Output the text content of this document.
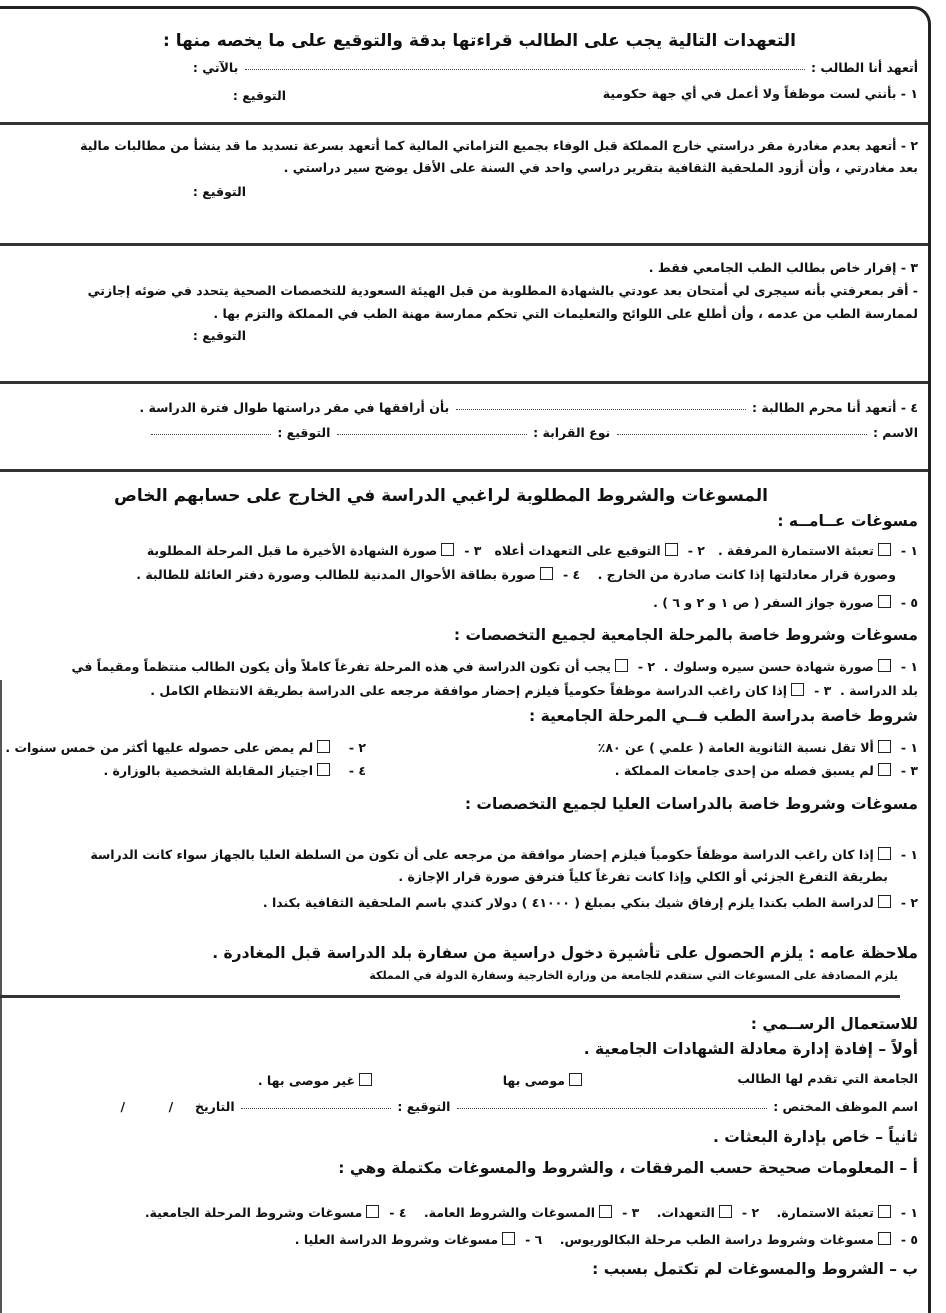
التعهدات التالية يجب على الطالب قراءتها بدقة والتوقيع على ما يخصه منها :
أتعهد أنا الطالب :  بالآتي :
١ - بأنني لست موظفاً ولا أعمل في أي جهة حكومية
التوقيع :
٢ - أتعهد بعدم مغادرة مقر دراستي خارج المملكة قبل الوفاء بجميع التزاماتي المالية كما أتعهد بسرعة تسديد ما قد ينشأ من مطالبات مالية
بعد مغادرتي ، وأن أزود الملحقية الثقافية بتقرير دراسي واحد في السنة على الأقل يوضح سير دراستي .
التوقيع :
٣ - إقرار خاص بطالب الطب الجامعي فقط .
- أقر بمعرفتي بأنه سيجرى لي أمتحان بعد عودتي بالشهادة المطلوبة من قبل الهيئة السعودية للتخصصات الصحية يتحدد في ضوئه إجازتي
لممارسة الطب من عدمه ، وأن أطلع على اللوائح والتعليمات التي تحكم ممارسة مهنة الطب في المملكة والتزم بها .
التوقيع :
٤ - أتعهد أنا محرم الطالبة :  بأن أرافقها في مقر دراستها طوال فترة الدراسة .
الاسم :  نوع القرابة :  التوقيع :
المسوغات والشروط المطلوبة لراغبي الدراسة في الخارج على حسابهم الخاص
مسوغات عــامــه :
١ -تعبئة الاستمارة المرفقة .   ٢ -التوقيع على التعهدات أعلاه   ٣ -صورة الشهادة الأخيرة ما قبل المرحلة المطلوبة
وصورة قرار معادلتها إذا كانت صادرة من الخارج .    ٤ -صورة بطاقة الأحوال المدنية للطالب وصورة دفتر العائلة للطالبة .
٥ -صورة جواز السفر ( ص ١ و ٢ و ٦ ) .
مسوغات وشروط خاصة بالمرحلة الجامعية لجميع التخصصات :
١ -صورة شهادة حسن سيره وسلوك .  ٢ -يجب أن تكون الدراسة في هذه المرحلة تفرغاً كاملاً وأن يكون الطالب منتظماً ومقيماً في
بلد الدراسة .  ٣ -إذا كان راغب الدراسة موظفاً حكومياً فيلزم إحضار موافقة مرجعه على الدراسة بطريقة الانتظام الكامل .
شروط خاصة بدراسة الطب فــي المرحلة الجامعية :
١ -ألا تقل نسبة الثانوية العامة ( علمي ) عن ٨٠٪
٢ -  لم يمض على حصوله عليها أكثر من خمس سنوات .
٣ -لم يسبق فصله من إحدى جامعات المملكة .
٤ -  اجتياز المقابلة الشخصية بالوزارة .
مسوغات وشروط خاصة بالدراسات العليا لجميع التخصصات :
١ -إذا كان راغب الدراسة موظفاً حكومياً فيلزم إحضار موافقة من مرجعه على أن تكون من السلطة العليا بالجهاز سواء كانت الدراسة
بطريقة التفرغ الجزئي أو الكلي وإذا كانت تفرغاً كلياً فترفق صورة قرار الإجازة .
٢ -لدراسة الطب بكندا يلزم إرفاق شيك بنكي بمبلغ ( ٤١٠٠٠ ) دولار كندي باسم الملحقية الثقافية بكندا .
ملاحظة عامه : يلزم الحصول على تأشيرة دخول دراسية من سفارة بلد الدراسة قبل المغادرة .
يلزم المصادقة على المسوغات التي ستقدم للجامعة من وزارة الخارجية وسفارة الدولة في المملكة
للاستعمال الرســمي :
أولاً – إفادة إدارة معادلة الشهادات الجامعية .
الجامعة التي تقدم لها الطالب
موصى بها
غير موصى بها .
اسم الموظف المختص :  التوقيع :  التاريخ     /          /
ثانياً – خاص بإدارة البعثات .
أ – المعلومات صحيحة حسب المرفقات ، والشروط والمسوغات مكتملة وهي :
١ -تعبئة الاستمارة.    ٢ -التعهدات.    ٣ -المسوغات والشروط العامة.    ٤ -مسوغات وشروط المرحلة الجامعية.
٥ -مسوغات وشروط دراسة الطب مرحلة البكالوريوس.    ٦ -مسوغات وشروط الدراسة العليا .
ب – الشروط والمسوغات لم تكتمل بسبب :
